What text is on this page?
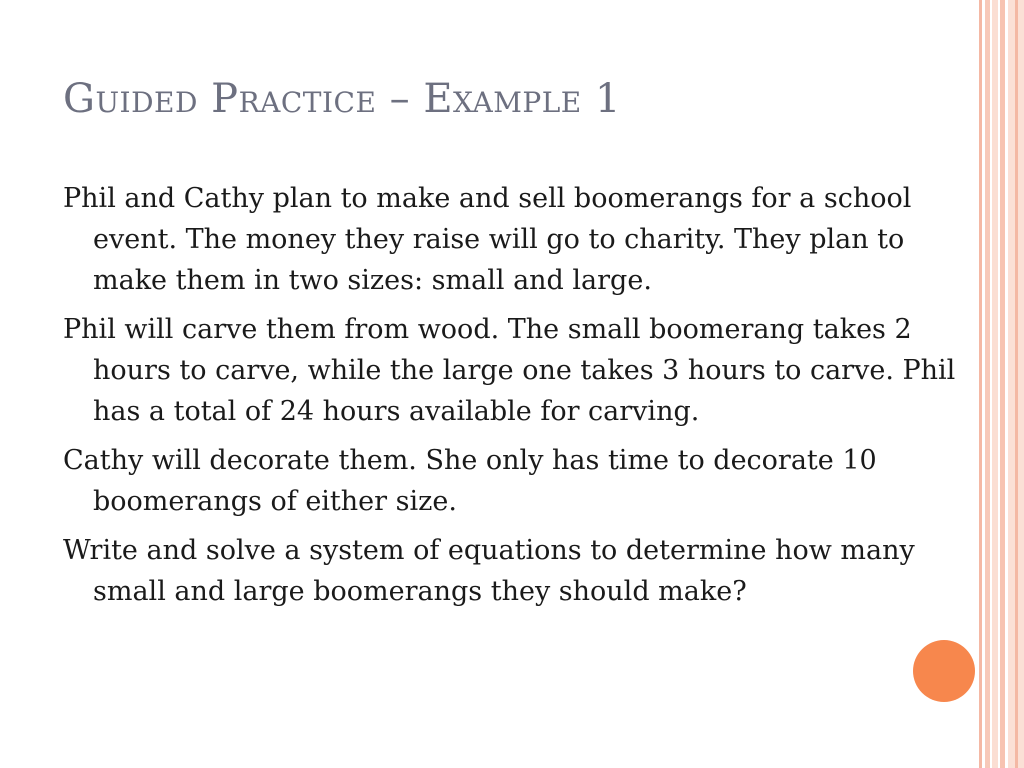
Guided Practice – Example 1

Phil and Cathy plan to make and sell boomerangs for a school event. The money they raise will go to charity. They plan to make them in two sizes: small and large.

Phil will carve them from wood. The small boomerang takes 2 hours to carve, while the large one takes 3 hours to carve. Phil has a total of 24 hours available for carving.

Cathy will decorate them. She only has time to decorate 10 boomerangs of either size.

Write and solve a system of equations to determine how many small and large boomerangs they should make?
